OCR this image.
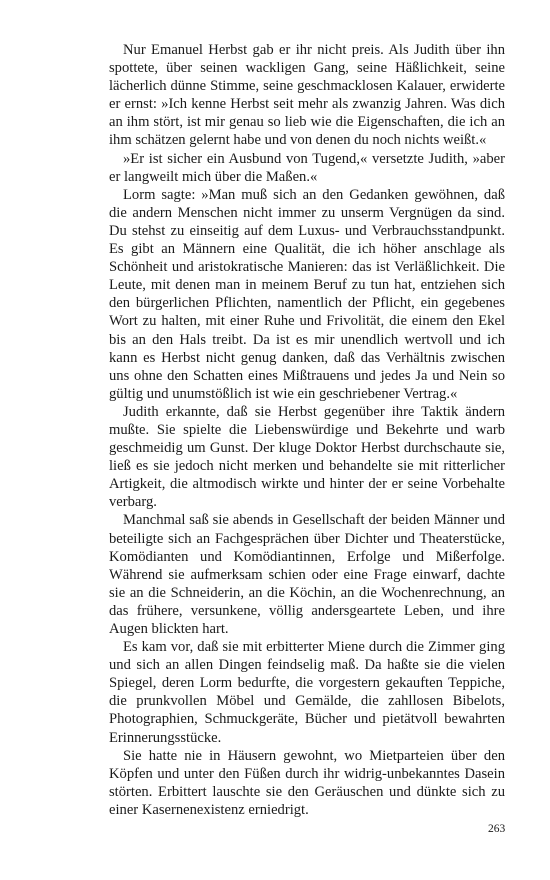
Nur Emanuel Herbst gab er ihr nicht preis. Als Judith über ihn spottete, über seinen wackligen Gang, seine Häßlichkeit, seine lächerlich dünne Stimme, seine geschmacklosen Kalauer, erwiderte er ernst: »Ich kenne Herbst seit mehr als zwanzig Jahren. Was dich an ihm stört, ist mir genau so lieb wie die Eigenschaften, die ich an ihm schätzen gelernt habe und von denen du noch nichts weißt.«

»Er ist sicher ein Ausbund von Tugend,« versetzte Judith, »aber er langweilt mich über die Maßen.«

Lorm sagte: »Man muß sich an den Gedanken gewöhnen, daß die andern Menschen nicht immer zu unserm Vergnügen da sind. Du stehst zu einseitig auf dem Luxus- und Verbrauchsstandpunkt. Es gibt an Männern eine Qualität, die ich höher anschlage als Schönheit und aristokratische Manieren: das ist Verläßlichkeit. Die Leute, mit denen man in meinem Beruf zu tun hat, entziehen sich den bürgerlichen Pflichten, namentlich der Pflicht, ein gegebenes Wort zu halten, mit einer Ruhe und Frivolität, die einem den Ekel bis an den Hals treibt. Da ist es mir unendlich wertvoll und ich kann es Herbst nicht genug danken, daß das Verhältnis zwischen uns ohne den Schatten eines Mißtrauens und jedes Ja und Nein so gültig und unumstößlich ist wie ein geschriebener Vertrag.«

Judith erkannte, daß sie Herbst gegenüber ihre Taktik ändern mußte. Sie spielte die Liebenswürdige und Bekehrte und warb geschmeidig um Gunst. Der kluge Doktor Herbst durchschaute sie, ließ es sie jedoch nicht merken und behandelte sie mit ritterlicher Artigkeit, die altmodisch wirkte und hinter der er seine Vorbehalte verbarg.

Manchmal saß sie abends in Gesellschaft der beiden Männer und beteiligte sich an Fachgesprächen über Dichter und Theaterstücke, Komödianten und Komödiantinnen, Erfolge und Mißerfolge. Während sie aufmerksam schien oder eine Frage einwarf, dachte sie an die Schneiderin, an die Köchin, an die Wochenrechnung, an das frühere, versunkene, völlig andersgeartete Leben, und ihre Augen blickten hart.

Es kam vor, daß sie mit erbitterter Miene durch die Zimmer ging und sich an allen Dingen feindselig maß. Da haßte sie die vielen Spiegel, deren Lorm bedurfte, die vorgestern gekauften Teppiche, die prunkvollen Möbel und Gemälde, die zahllosen Bibelots, Photographien, Schmuckgeräte, Bücher und pietätvoll bewahrten Erinnerungsstücke.

Sie hatte nie in Häusern gewohnt, wo Mietparteien über den Köpfen und unter den Füßen durch ihr widrig-unbekanntes Dasein störten. Erbittert lauschte sie den Geräuschen und dünkte sich zu einer Kasernenexistenz erniedrigt.

263
